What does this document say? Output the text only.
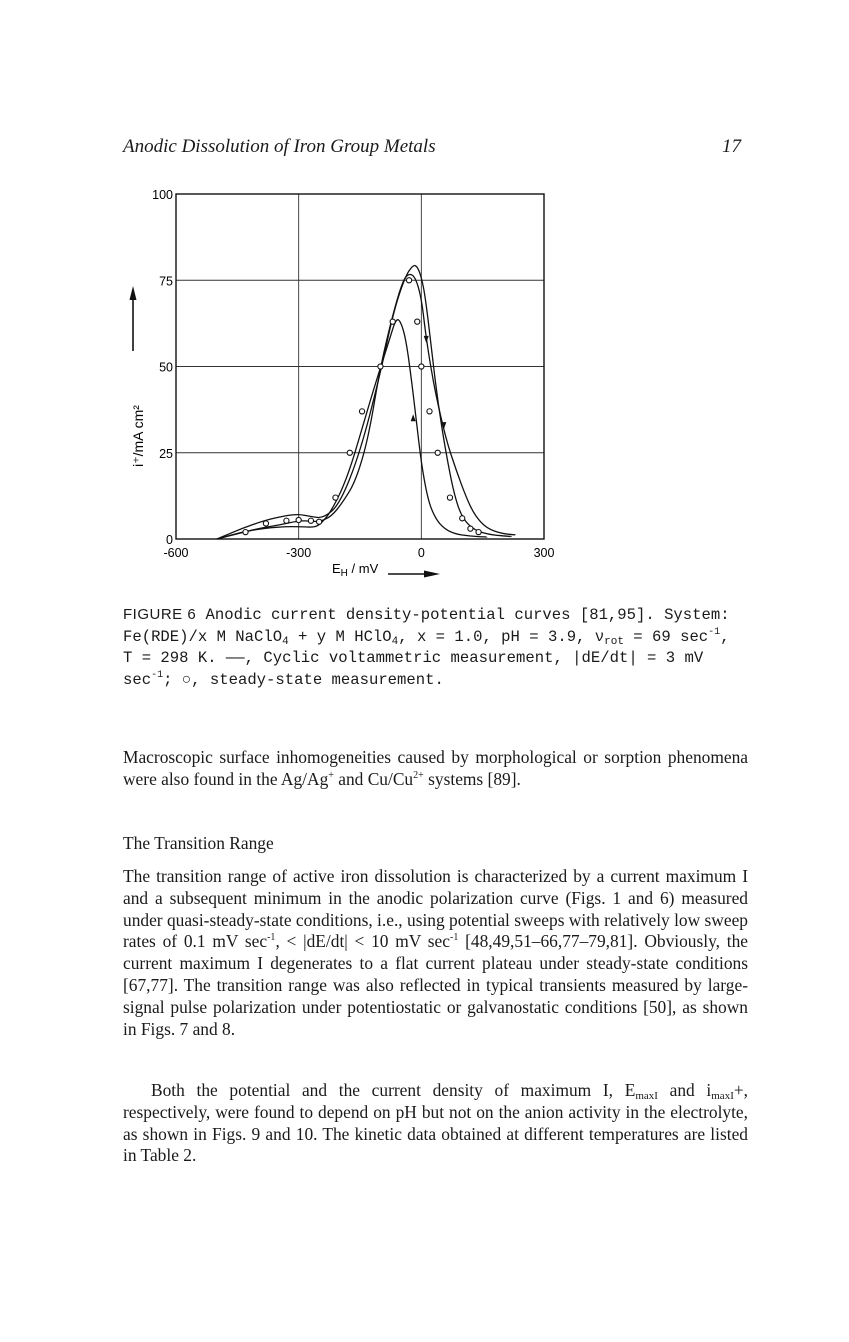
Anodic Dissolution of Iron Group Metals	17
0
25
50
75
100
-600	-300	0	300
i⁺/mA cm²
$E_H$ / mV

FIGURE 6 Anodic current density-potential curves [81,95]. System:
Fe(RDE)/x M NaClO$_4$ + y M HClO$_4$, x = 1.0, pH = 3.9, $\nu_{rot} = 69$ $\sec^{-1}$,
T = 298 K. ——, Cyclic voltammetric measurement, |dE/dt| = 3 mV
$\sec^{-1}$; ○, steady-state measurement.

Macroscopic surface inhomogeneities caused by morphological or sorption phenomena were also found in the Ag/Ag+ and $Cu/Cu^{2+}$ systems [89].

The Transition Range

The transition range of active iron dissolution is characterized by a current maximum I and a subsequent minimum in the anodic polarization curve (Figs. 1 and 6) measured under quasi-steady-state conditions, i.e., using potential sweeps with relatively low sweep rates of 0.1 mV $\sec^{-1}$, < |dE/dt| < 10 mV $\sec^{-1} [48,49,51-66,77-79,81]$. Obviously, the current maximum I degenerates to a flat current plateau under steady-state conditions [67,77]. The transition range was also reflected in typical transients measured by large-signal pulse polarization under potentiostatic or galvanostatic conditions [50], as shown in Figs. 7 and 8.

Both the potential and the current density of maximum I, $E_{maxI}$ and $i_{maxI}+$, respectively, were found to depend on pH but not on the anion activity in the electrolyte, as shown in Figs. 9 and 10. The kinetic data obtained at different temperatures are listed in Table 2.
